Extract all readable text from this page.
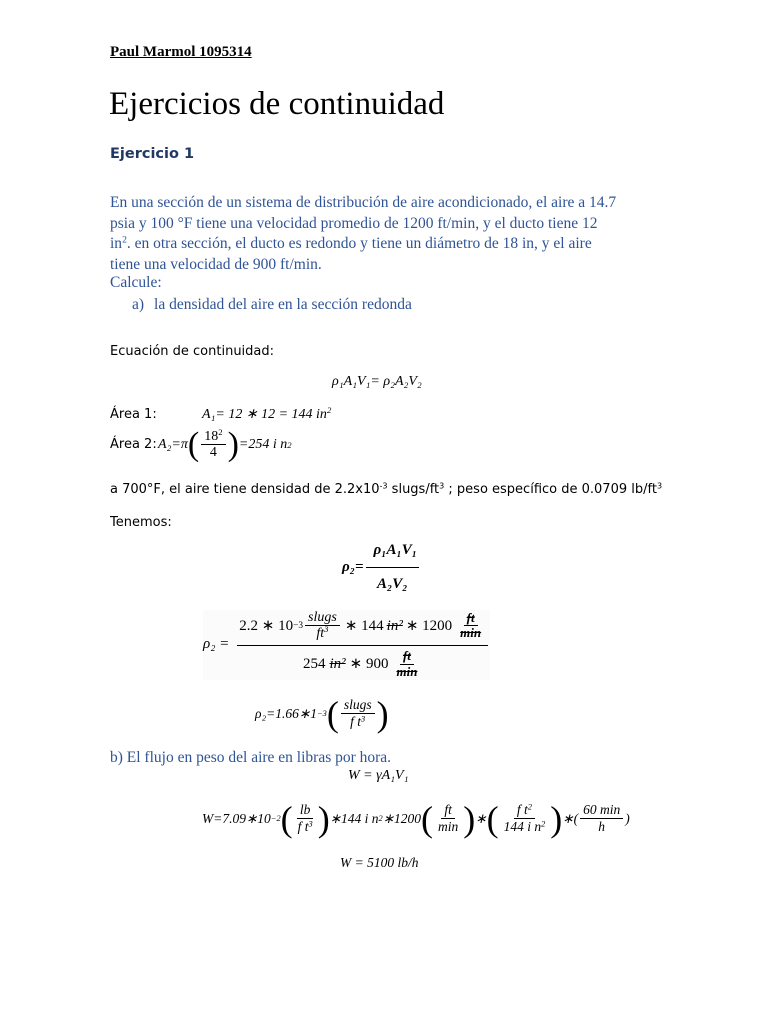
Paul Marmol 1095314
Ejercicios de continuidad
Ejercicio 1
En una sección de un sistema de distribución de aire acondicionado, el aire a 14.7
psia y 100 °F tiene una velocidad promedio de 1200 ft/min, y el ducto tiene 12
$in^2$. en otra sección, el ducto es redondo y tiene un diámetro de 18 in, y el aire
tiene una velocidad de 900 ft/min.
Calcule:
a) la densidad del aire en la sección redonda
Ecuación de continuidad:
ρ₁A₁V₁= ρ₂A₂V₂
Área 1:	A₁= 12 ∗ 12 = 144 $in^2$
Área 2: A₂=π ( $\frac{18^2}{4}$ ) =254 i n 2
a 700°F, el aire tiene densidad de $2.2x10^{-3}$ slugs/$ft^3$ ; peso específico de 0.0709 $lb/ft^3$
Tenemos:
$\rho_2= \frac{\text{ρ₁A₁V₁}}{\text{A₂V₂}}$
ρ₂ =
2.2 ∗ $10 -3 \frac{\text{slugs}}{ft^3}$ ∗ 144 in² ∗ $1200 \frac{ft}{\min}$
254 in² ∗ $900 \frac{ft}{\min}$
ρ₂=1.66∗1 −3 ( $\frac{\text{slugs}}{f t^3}$ )
b) El flujo en peso del aire en libras por hora.
W = γA₁V₁
W=7.09∗10 −2 ( $\frac{lb}{f t^3}$ ) ∗144 i n 2 ∗1200 ( $\frac{ft}{\min}$ ) ∗ ( $\frac{f t^2}{144 i n^2}$ ) ∗( $\frac{60 \min}{h}$ )
W = 5100 lb/h
